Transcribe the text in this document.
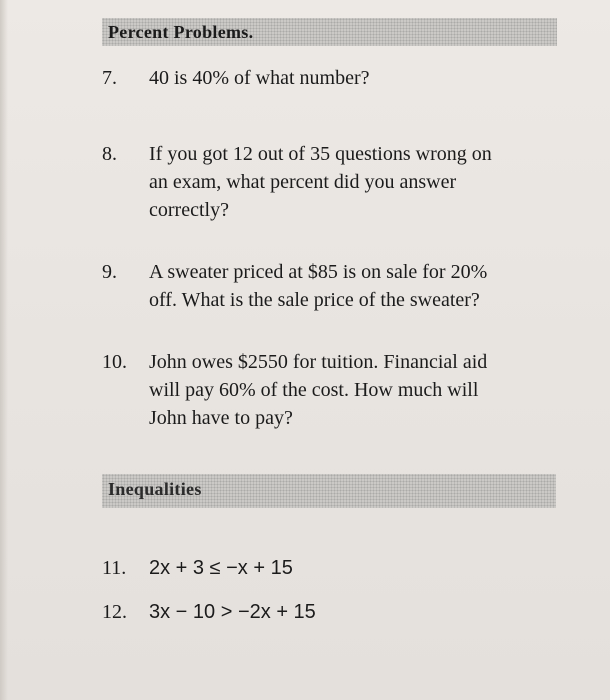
Percent Problems.
7.	40 is 40% of what number?
8.	If you got 12 out of 35 questions wrong on
an exam, what percent did you answer
correctly?
9.	A sweater priced at $85 is on sale for 20%
off. What is the sale price of the sweater?
10.	John owes $2550 for tuition. Financial aid
will pay 60% of the cost. How much will
John have to pay?
Inequalities
11.	2x + 3 ≤ −x + 15
12.	3x − 10 > −2x + 15
